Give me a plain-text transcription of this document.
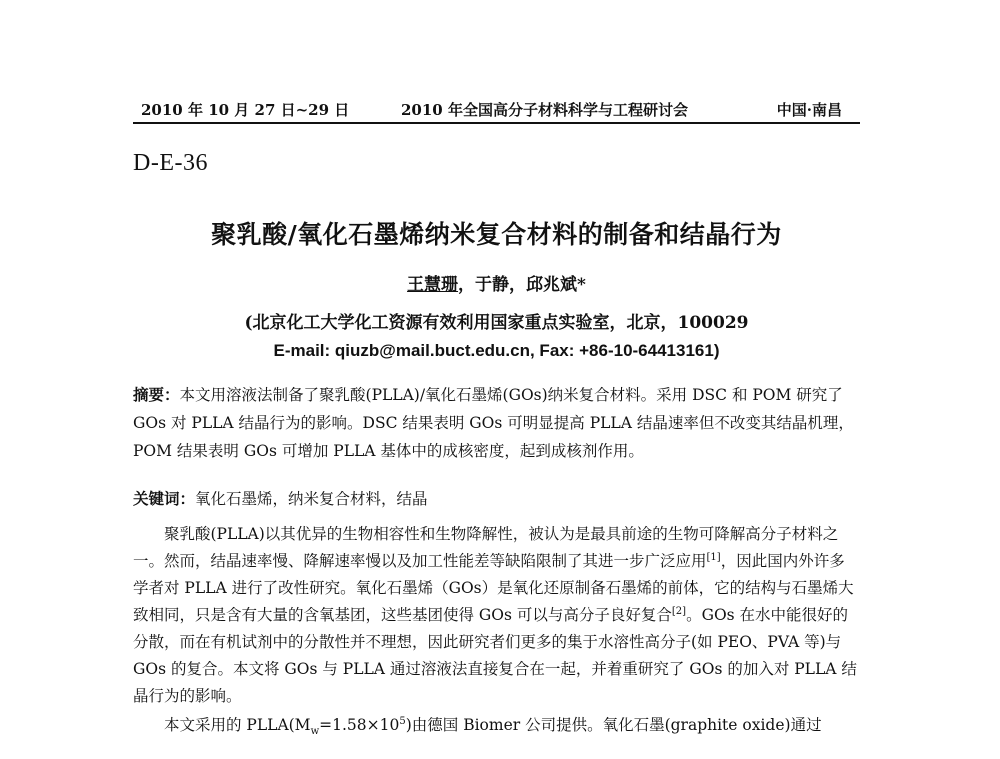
2010 年 10 月 27 日~29 日	2010 年全国高分子材料科学与工程研讨会	中国·南昌
D-E-36
聚乳酸/氧化石墨烯纳米复合材料的制备和结晶行为
王慧珊，于静，邱兆斌*
(北京化工大学化工资源有效利用国家重点实验室，北京，100029
E-mail: qiuzb@mail.buct.edu.cn, Fax: +86-10-64413161)
摘要：本文用溶液法制备了聚乳酸(PLLA)/氧化石墨烯(GOs)纳米复合材料。采用 DSC 和 POM 研究了 GOs 对 PLLA 结晶行为的影响。DSC 结果表明 GOs 可明显提高 PLLA 结晶速率但不改变其结晶机理，POM 结果表明 GOs 可增加 PLLA 基体中的成核密度，起到成核剂作用。
关键词：氧化石墨烯，纳米复合材料，结晶

聚乳酸(PLLA)以其优异的生物相容性和生物降解性，被认为是最具前途的生物可降解高分子材料之一。然而，结晶速率慢、降解速率慢以及加工性能差等缺陷限制了其进一步广泛应用[1]，因此国内外许多学者对 PLLA 进行了改性研究。氧化石墨烯（GOs）是氧化还原制备石墨烯的前体，它的结构与石墨烯大致相同，只是含有大量的含氧基团，这些基团使得 GOs 可以与高分子良好复合[2]。GOs 在水中能很好的分散，而在有机试剂中的分散性并不理想，因此研究者们更多的集于水溶性高分子(如 PEO、PVA 等)与 GOs 的复合。本文将 GOs 与 PLLA 通过溶液法直接复合在一起，并着重研究了 GOs 的加入对 PLLA 结晶行为的影响。

本文采用的 $PLLA(M_w=1.58\times 10^5)$由德国 Biomer 公司提供。氧化石墨(graphite oxide)通过
